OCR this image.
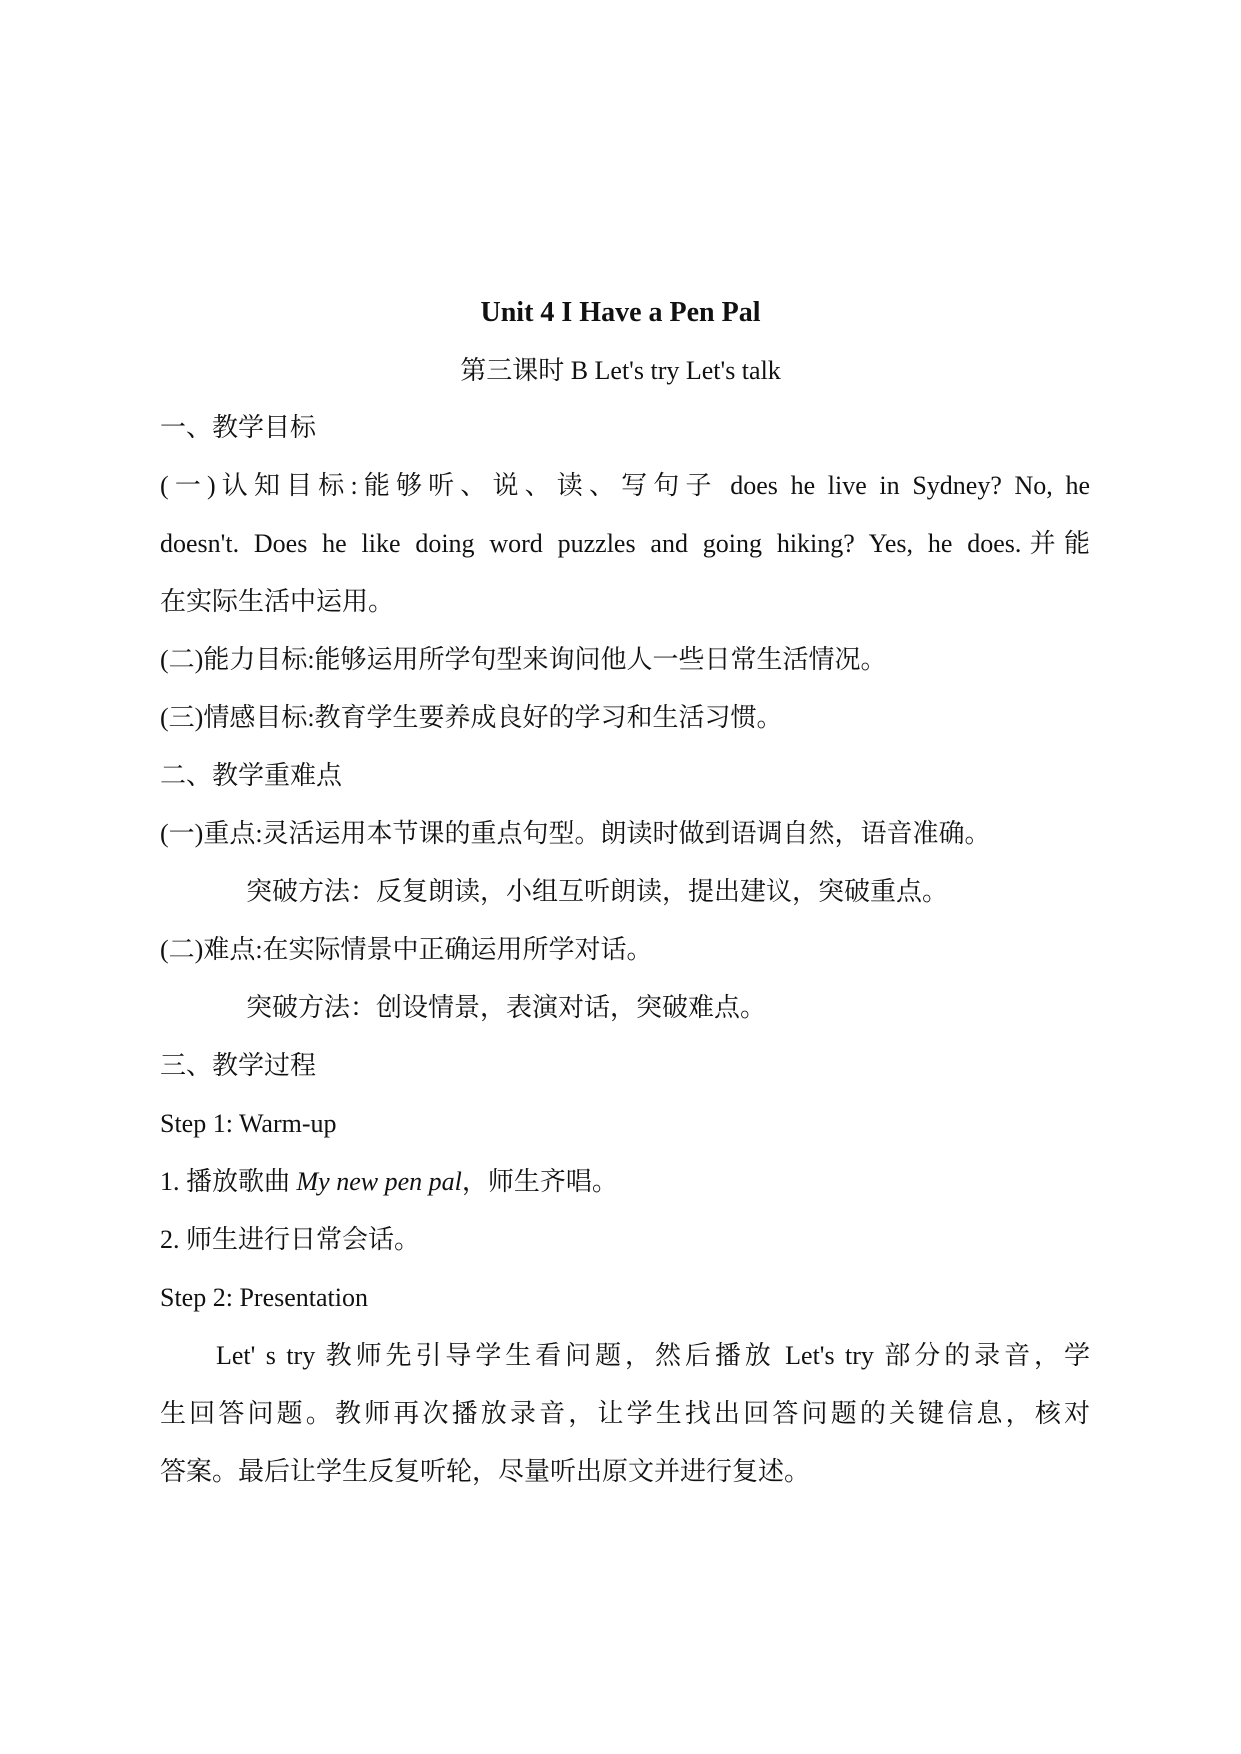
Unit 4 I Have a Pen Pal
第三课时 B Let's try Let's talk
一、教学目标
(一)认知目标:能够听、说、读、写句子 does he live in Sydney? No, he
doesn't. Does he like doing word puzzles and going hiking? Yes, he does.并能
在实际生活中运用。
(二)能力目标:能够运用所学句型来询问他人一些日常生活情况。
(三)情感目标:教育学生要养成良好的学习和生活习惯。
二、教学重难点
(一)重点:灵活运用本节课的重点句型。朗读时做到语调自然，语音准确。
突破方法：反复朗读，小组互听朗读，提出建议，突破重点。
(二)难点:在实际情景中正确运用所学对话。
突破方法：创设情景，表演对话，突破难点。
三、教学过程
Step 1: Warm-up
1. 播放歌曲 My new pen pal，师生齐唱。
2. 师生进行日常会话。
Step 2: Presentation
Let' s try 教师先引导学生看问题，然后播放 Let's try 部分的录音，学
生回答问题。教师再次播放录音，让学生找出回答问题的关键信息，核对
答案。最后让学生反复听轮，尽量听出原文并进行复述。
